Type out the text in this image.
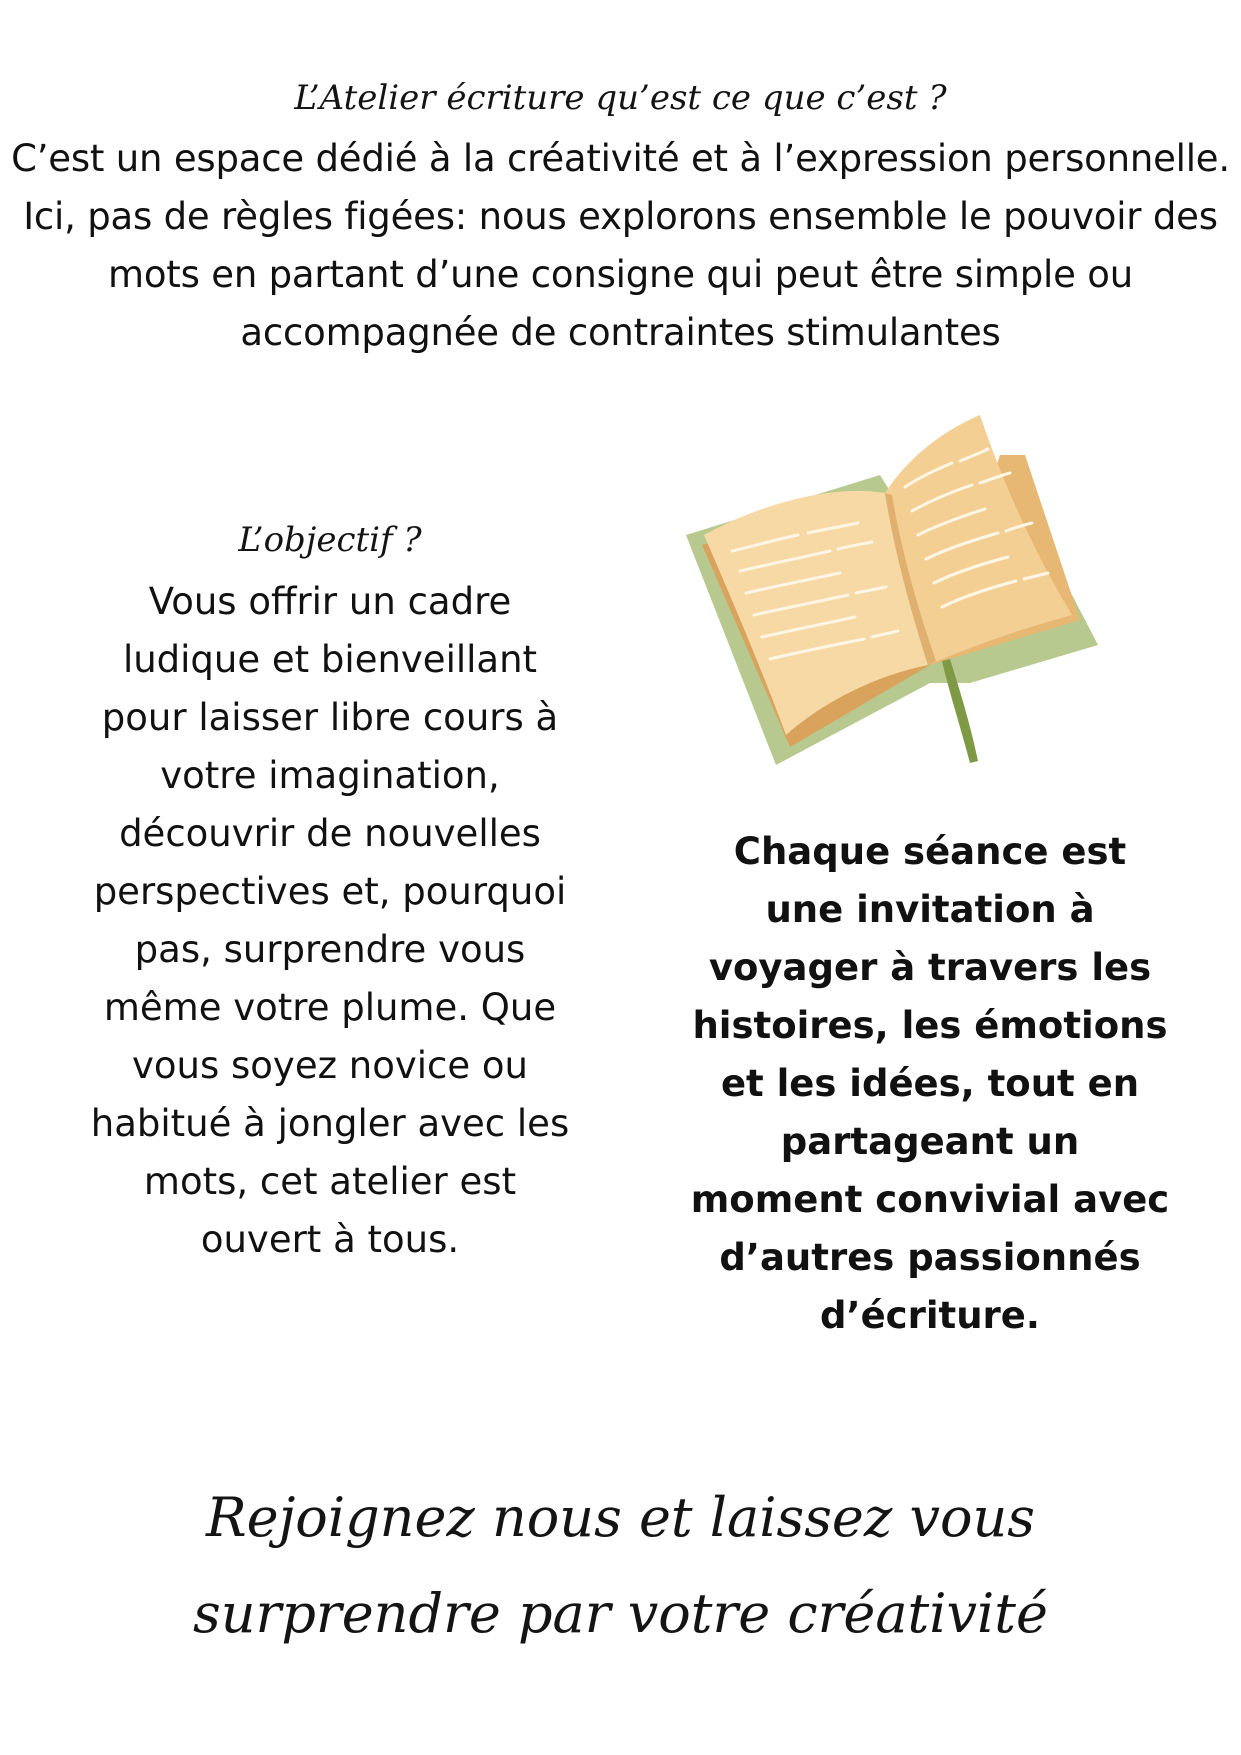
L’Atelier écriture qu’est ce que c’est ?
C’est un espace dédié à la créativité et à l’expression personnelle. Ici, pas de règles figées: nous explorons ensemble le pouvoir des mots en partant d’une consigne qui peut être simple ou accompagnée de contraintes stimulantes
L’objectif ?
Vous offrir un cadre ludique et bienveillant pour laisser libre cours à votre imagination, découvrir de nouvelles perspectives et, pourquoi pas, surprendre vous même votre plume. Que vous soyez novice ou habitué à jongler avec les mots, cet atelier est ouvert à tous.
Chaque séance est une invitation à voyager à travers les histoires, les émotions et les idées, tout en partageant un moment convivial avec d’autres passionnés d’écriture.
Rejoignez nous et laissez vous
surprendre par votre créativité
